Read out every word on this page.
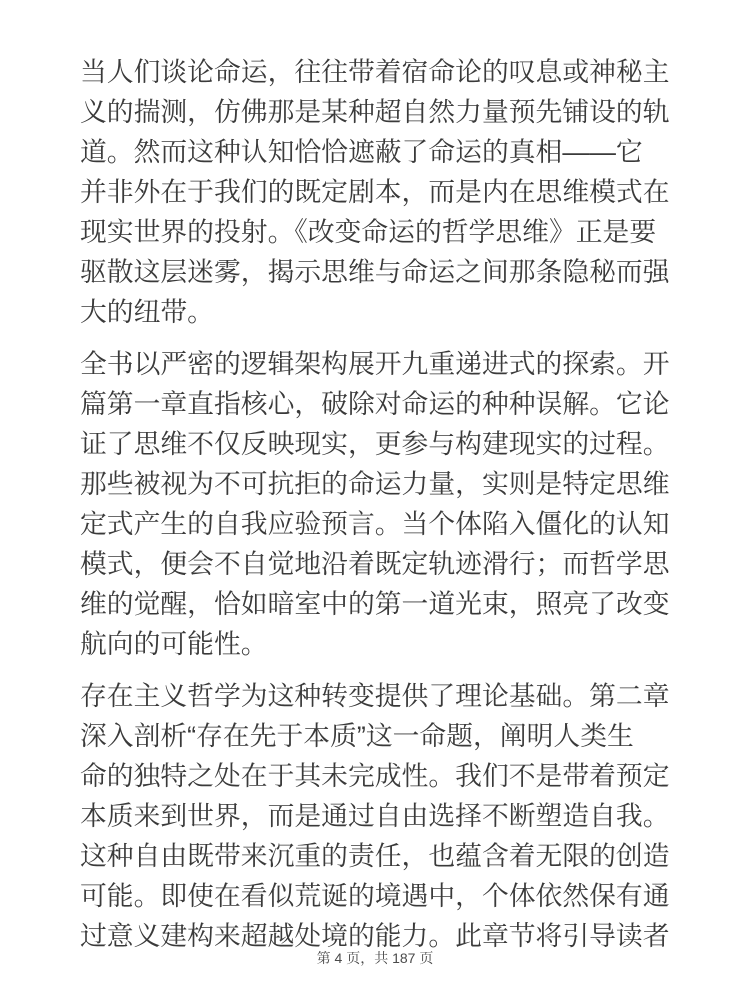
当人们谈论命运，往往带着宿命论的叹息或神秘主
义的揣测，仿佛那是某种超自然力量预先铺设的轨
道。然而这种认知恰恰遮蔽了命运的真相——它
并非外在于我们的既定剧本，而是内在思维模式在
现实世界的投射。《改变命运的哲学思维》正是要
驱散这层迷雾，揭示思维与命运之间那条隐秘而强
大的纽带。
全书以严密的逻辑架构展开九重递进式的探索。开
篇第一章直指核心，破除对命运的种种误解。它论
证了思维不仅反映现实，更参与构建现实的过程。
那些被视为不可抗拒的命运力量，实则是特定思维
定式产生的自我应验预言。当个体陷入僵化的认知
模式，便会不自觉地沿着既定轨迹滑行；而哲学思
维的觉醒，恰如暗室中的第一道光束，照亮了改变
航向的可能性。
存在主义哲学为这种转变提供了理论基础。第二章
深入剖析“存在先于本质”这一命题，阐明人类生
命的独特之处在于其未完成性。我们不是带着预定
本质来到世界，而是通过自由选择不断塑造自我。
这种自由既带来沉重的责任，也蕴含着无限的创造
可能。即使在看似荒诞的境遇中，个体依然保有通
过意义建构来超越处境的能力。此章节将引导读者
第 4 页，共 187 页
